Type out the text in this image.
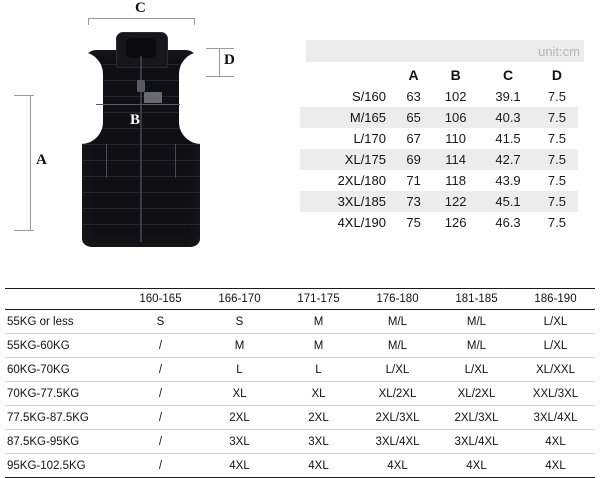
C
D
A
B
unit:cm
	A	B	C	D
S/160	63	102	39.1	7.5
M/165	65	106	40.3	7.5
L/170	67	110	41.5	7.5
XL/175	69	114	42.7	7.5
2XL/180	71	118	43.9	7.5
3XL/185	73	122	45.1	7.5
4XL/190	75	126	46.3	7.5
	160-165	166-170	171-175	176-180	181-185	186-190
55KG or less	S	S	M	M/L	M/L	L/XL
55KG-60KG	/	M	M	M/L	M/L	L/XL
60KG-70KG	/	L	L	L/XL	L/XL	XL/XXL
70KG-77.5KG	/	XL	XL	XL/2XL	XL/2XL	XXL/3XL
77.5KG-87.5KG	/	2XL	2XL	2XL/3XL	2XL/3XL	3XL/4XL
87.5KG-95KG	/	3XL	3XL	3XL/4XL	3XL/4XL	4XL
95KG-102.5KG	/	4XL	4XL	4XL	4XL	4XL
